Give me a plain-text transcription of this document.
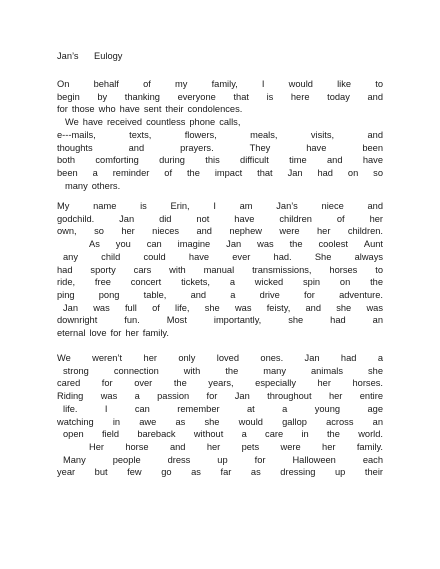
Jan’s      Eulogy
On	behalf	of	my	family,	I	would	like	to
begin by thanking everyone that is here today and
for those who have sent their condolences.
We have received countless phone calls,
e---mails,	texts,	flowers,	meals,	visits,	and
thoughts	and	prayers.	They	have	been
both comforting during this difficult time and have
been a reminder of the impact that Jan had on so
many others.
My	name	is	Erin,	I	am	Jan’s	niece	and
godchild.	Jan	did	not	have	children	of	her
own, so her nieces and nephew were her children.
As you can imagine Jan was the coolest Aunt
any child could have ever had. She always
had sporty cars with manual transmissions, horses to
ride, free concert tickets, a wicked spin on the
ping	pong	table,	and	a	drive	for	adventure.
Jan was full of life, she was feisty, and she was
downright	fun.	Most	importantly,	she	had	an
eternal love for her family.
We weren’t her only loved ones. Jan had a
strong	connection	with	the	many	animals	she
cared for over the years, especially her horses.
Riding was a passion for Jan throughout her entire
life.	I	can	remember	at	a	young	age
watching in awe as she would gallop across an
open field bareback without a care in the world.
Her horse and her pets were her family.
Many	people	dress	up	for	Halloween	each
year but few go as far as dressing up their
